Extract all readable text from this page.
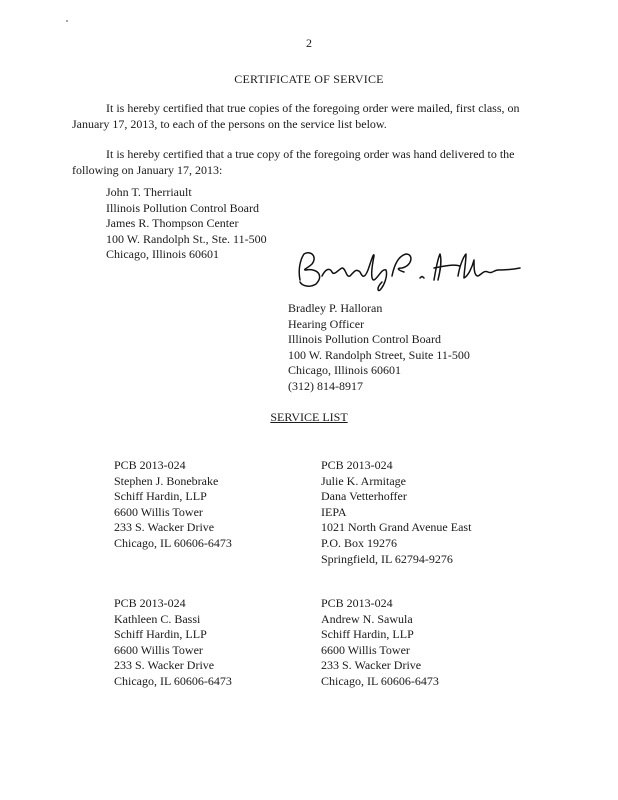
2
CERTIFICATE OF SERVICE
It is hereby certified that true copies of the foregoing order were mailed, first class, on January 17, 2013, to each of the persons on the service list below.
It is hereby certified that a true copy of the foregoing order was hand delivered to the following on January 17, 2013:
John T. Therriault
Illinois Pollution Control Board
James R. Thompson Center
100 W. Randolph St., Ste. 11-500
Chicago, Illinois 60601
Bradley P. Halloran
Hearing Officer
Illinois Pollution Control Board
100 W. Randolph Street, Suite 11-500
Chicago, Illinois 60601
(312) 814-8917
SERVICE LIST
PCB 2013-024
Stephen J. Bonebrake
Schiff Hardin, LLP
6600 Willis Tower
233 S. Wacker Drive
Chicago, IL 60606-6473
PCB 2013-024
Julie K. Armitage
Dana Vetterhoffer
IEPA
1021 North Grand Avenue East
P.O. Box 19276
Springfield, IL 62794-9276
PCB 2013-024
Kathleen C. Bassi
Schiff Hardin, LLP
6600 Willis Tower
233 S. Wacker Drive
Chicago, IL 60606-6473
PCB 2013-024
Andrew N. Sawula
Schiff Hardin, LLP
6600 Willis Tower
233 S. Wacker Drive
Chicago, IL 60606-6473
